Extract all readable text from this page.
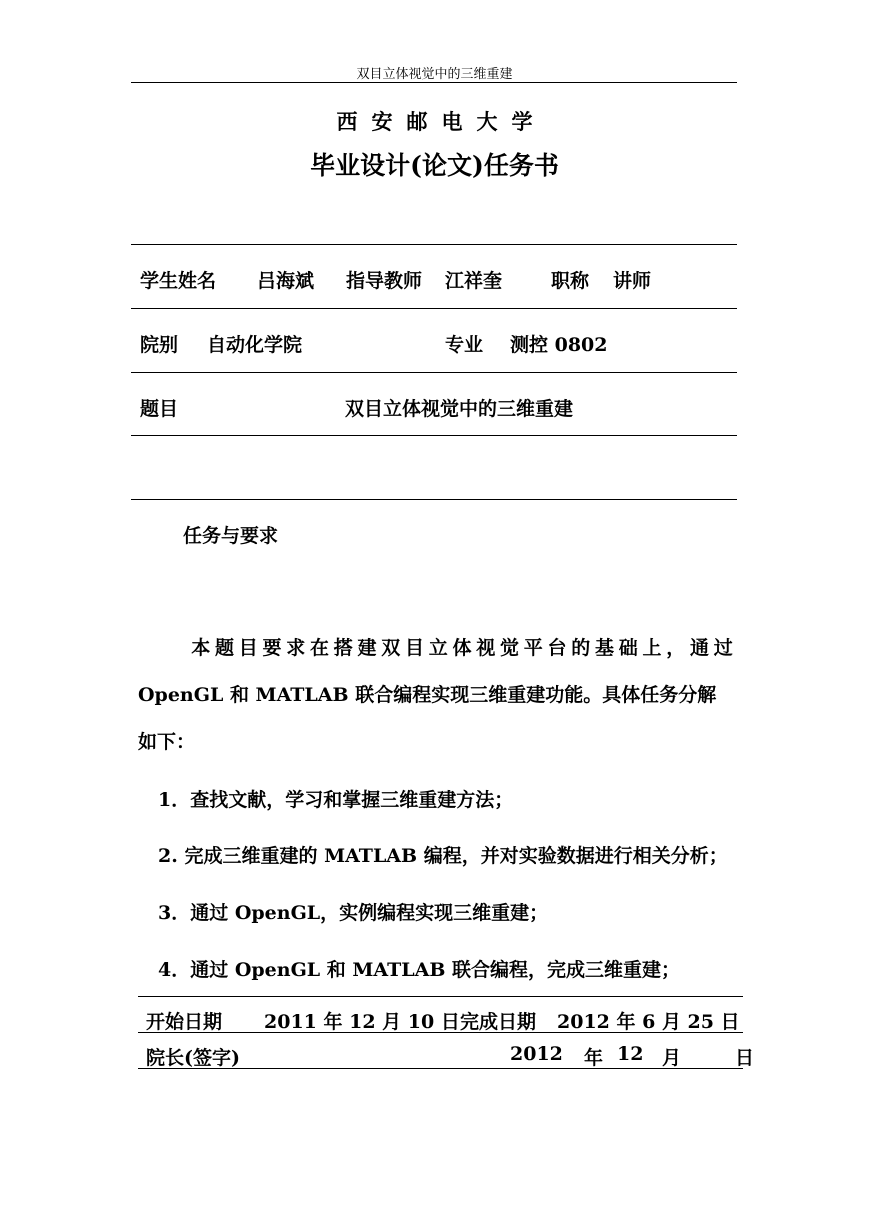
双目立体视觉中的三维重建
西安邮电大学
毕业设计(论文)任务书
学生姓名 吕海斌 指导教师 江祥奎	职称 讲师
院别 自动化学院	专业 测控 0802
题目	双目立体视觉中的三维重建
任务与要求
本题目要求在搭建双目立体视觉平台的基础上，通过
OpenGL 和 MATLAB 联合编程实现三维重建功能。具体任务分解
如下：
1．查找文献，学习和掌握三维重建方法；
2. 完成三维重建的 MATLAB 编程，并对实验数据进行相关分析；
3．通过 OpenGL，实例编程实现三维重建；
4．通过 OpenGL 和 MATLAB 联合编程，完成三维重建；
开始日期 2011 年 12 月 10 日 完成日期 2012 年 6 月 25 日
院长(签字)	2012 年 12 月	日
